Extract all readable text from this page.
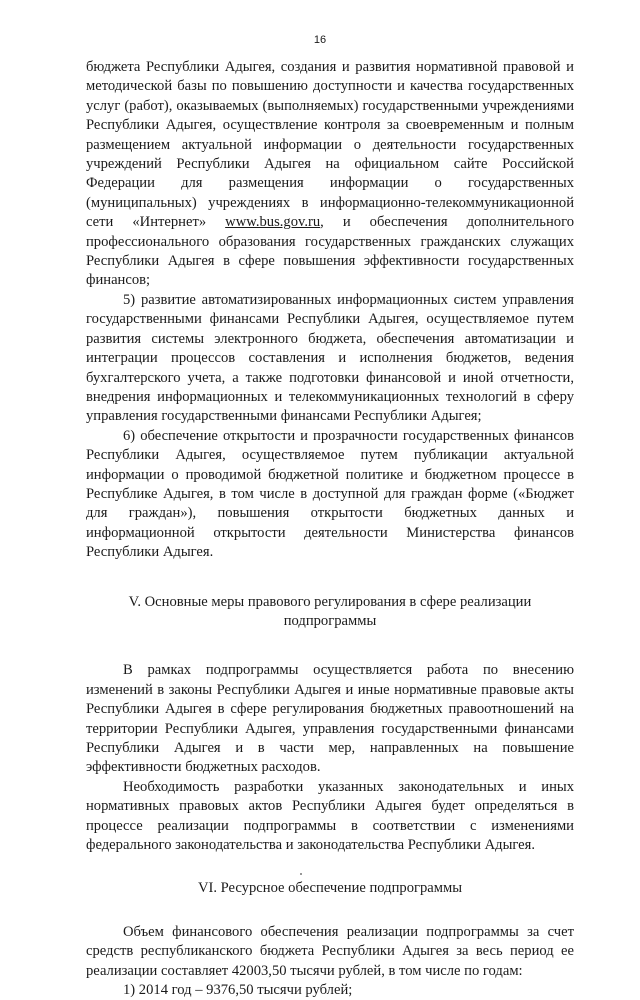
16

бюджета Республики Адыгея, создания и развития нормативной правовой и методической базы по повышению доступности и качества государственных услуг (работ), оказываемых (выполняемых) государственными учреждениями Республики Адыгея, осуществление контроля за своевременным и полным размещением актуальной информации о деятельности государственных учреждений Республики Адыгея на официальном сайте Российской Федерации для размещения информации о государственных (муниципальных) учреждениях в информационно-телекоммуникационной сети «Интернет» www.bus.gov.ru, и обеспечения дополнительного профессионального образования государственных гражданских служащих Республики Адыгея в сфере повышения эффективности государственных финансов;

5) развитие автоматизированных информационных систем управления государственными финансами Республики Адыгея, осуществляемое путем развития системы электронного бюджета, обеспечения автоматизации и интеграции процессов составления и исполнения бюджетов, ведения бухгалтерского учета, а также подготовки финансовой и иной отчетности, внедрения информационных и телекоммуникационных технологий в сферу управления государственными финансами Республики Адыгея;

6) обеспечение открытости и прозрачности государственных финансов Республики Адыгея, осуществляемое путем публикации актуальной информации о проводимой бюджетной политике и бюджетном процессе в Республике Адыгея, в том числе в доступной для граждан форме («Бюджет для граждан»), повышения открытости бюджетных данных и информационной открытости деятельности Министерства финансов Республики Адыгея.

V. Основные меры правового регулирования в сфере реализации
подпрограммы

В рамках подпрограммы осуществляется работа по внесению изменений в законы Республики Адыгея и иные нормативные правовые акты Республики Адыгея в сфере регулирования бюджетных правоотношений на территории Республики Адыгея, управления государственными финансами Республики Адыгея и в части мер, направленных на повышение эффективности бюджетных расходов.

Необходимость разработки указанных законодательных и иных нормативных правовых актов Республики Адыгея будет определяться в процессе реализации подпрограммы в соответствии с изменениями федерального законодательства и законодательства Республики Адыгея.

VI. Ресурсное обеспечение подпрограммы

Объем финансового обеспечения реализации подпрограммы за счет средств республиканского бюджета Республики Адыгея за весь период ее реализации составляет 42003,50 тысячи рублей, в том числе по годам:

1) 2014 год – 9376,50 тысячи рублей;
